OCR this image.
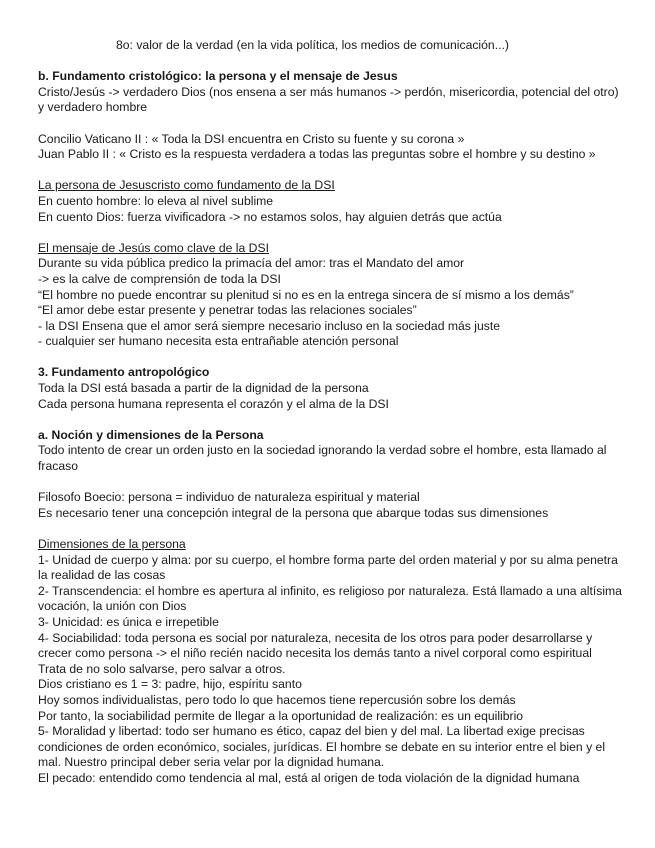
8o: valor de la verdad (en la vida política, los medios de comunicación...)

b. Fundamento cristológico: la persona y el mensaje de Jesus

Cristo/Jesús -> verdadero Dios (nos ensena a ser más humanos -> perdón, misericordia, potencial del otro) y verdadero hombre

Concilio Vaticano II : « Toda la DSI encuentra en Cristo su fuente y su corona »

Juan Pablo II : « Cristo es la respuesta verdadera a todas las preguntas sobre el hombre y su destino »

La persona de Jesuscristo como fundamento de la DSI

En cuento hombre: lo eleva al nivel sublime

En cuento Dios: fuerza vivificadora -> no estamos solos, hay alguien detrás que actúa

El mensaje de Jesús como clave de la DSI

Durante su vida pública predico la primacía del amor: tras el Mandato del amor

-> es la calve de comprensión de toda la DSI

“El hombre no puede encontrar su plenitud si no es en la entrega sincera de sí mismo a los demás”

“El amor debe estar presente y penetrar todas las relaciones sociales”

- la DSI Ensena que el amor será siempre necesario incluso en la sociedad más juste

- cualquier ser humano necesita esta entrañable atención personal

3. Fundamento antropológico

Toda la DSI está basada a partir de la dignidad de la persona

Cada persona humana representa el corazón y el alma de la DSI

a. Noción y dimensiones de la Persona

Todo intento de crear un orden justo en la sociedad ignorando la verdad sobre el hombre, esta llamado al fracaso

Filosofo Boecio: persona = individuo de naturaleza espiritual y material

Es necesario tener una concepción integral de la persona que abarque todas sus dimensiones

Dimensiones de la persona

1- Unidad de cuerpo y alma: por su cuerpo, el hombre forma parte del orden material y por su alma penetra la realidad de las cosas

2- Transcendencia: el hombre es apertura al infinito, es religioso por naturaleza. Está llamado a una altísima vocación, la unión con Dios

3- Unicidad: es única e irrepetible

4- Sociabilidad: toda persona es social por naturaleza, necesita de los otros para poder desarrollarse y crecer como persona -> el niño recién nacido necesita los demás tanto a nivel corporal como espiritual

Trata de no solo salvarse, pero salvar a otros.

Dios cristiano es 1 = 3: padre, hijo, espíritu santo

Hoy somos individualistas, pero todo lo que hacemos tiene repercusión sobre los demás

Por tanto, la sociabilidad permite de llegar a la oportunidad de realización: es un equilibrio

5- Moralidad y libertad: todo ser humano es ético, capaz del bien y del mal. La libertad exige precisas condiciones de orden económico, sociales, jurídicas. El hombre se debate en su interior entre el bien y el mal. Nuestro principal deber seria velar por la dignidad humana.

El pecado: entendido como tendencia al mal, está al origen de toda violación de la dignidad humana
